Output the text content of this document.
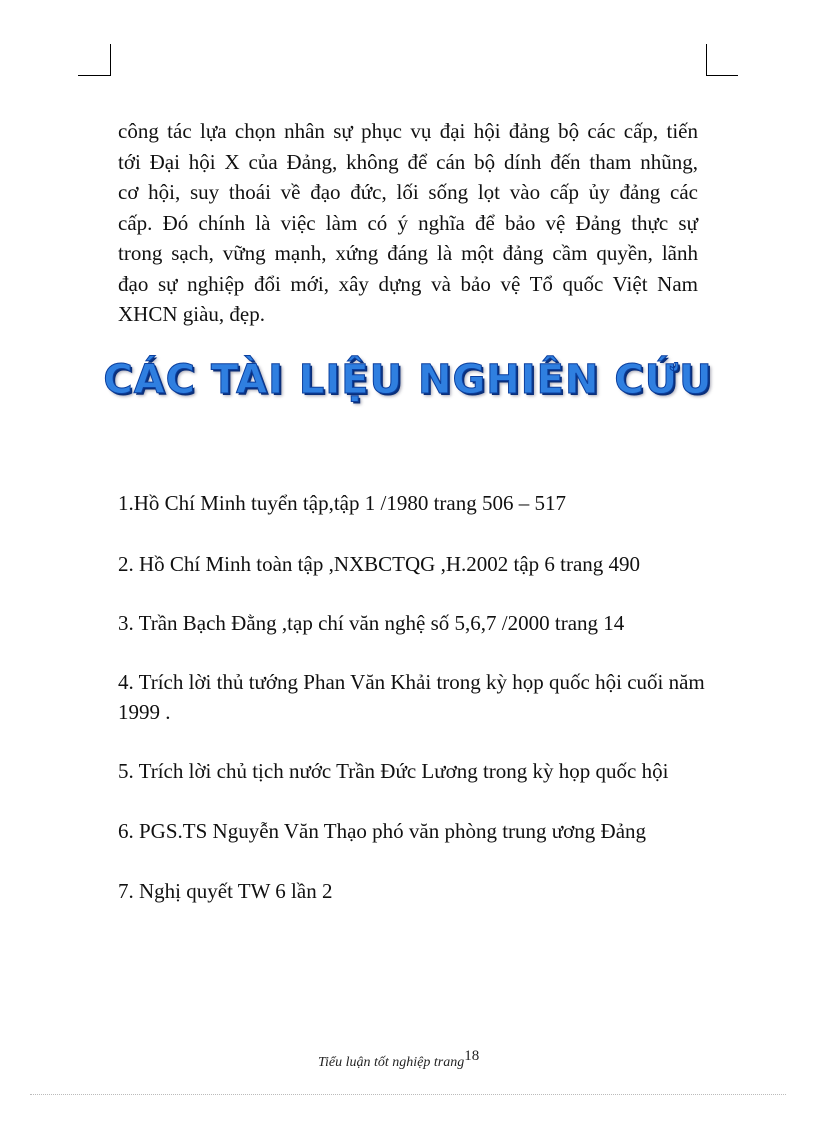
công tác lựa chọn nhân sự phục vụ đại hội đảng bộ các cấp, tiến
tới Đại hội X của Đảng, không để cán bộ dính đến tham nhũng,
cơ hội, suy thoái về đạo đức, lối sống lọt vào cấp ủy đảng các
cấp. Đó chính là việc làm có ý nghĩa để bảo vệ Đảng thực sự
trong sạch, vững mạnh, xứng đáng là một đảng cầm quyền, lãnh
đạo sự nghiệp đổi mới, xây dựng và bảo vệ Tổ quốc Việt Nam
XHCN giàu, đẹp.
CÁC TÀI LIỆU NGHIÊN CỨU
1.Hồ Chí Minh tuyển tập,tập 1 /1980 trang 506 – 517
2. Hồ Chí Minh toàn tập ,NXBCTQG ,H.2002 tập 6 trang 490
3. Trần Bạch Đằng ,tạp chí văn nghệ số 5,6,7 /2000 trang 14
4. Trích lời thủ tướng Phan Văn Khải trong kỳ họp quốc hội cuối năm 1999 .
5. Trích lời chủ tịch nước Trần Đức Lương trong kỳ họp quốc hội
6. PGS.TS Nguyễn Văn Thạo phó văn phòng trung ương Đảng
7. Nghị quyết TW 6 lần 2
Tiểu luận tốt nghiệp trang18
